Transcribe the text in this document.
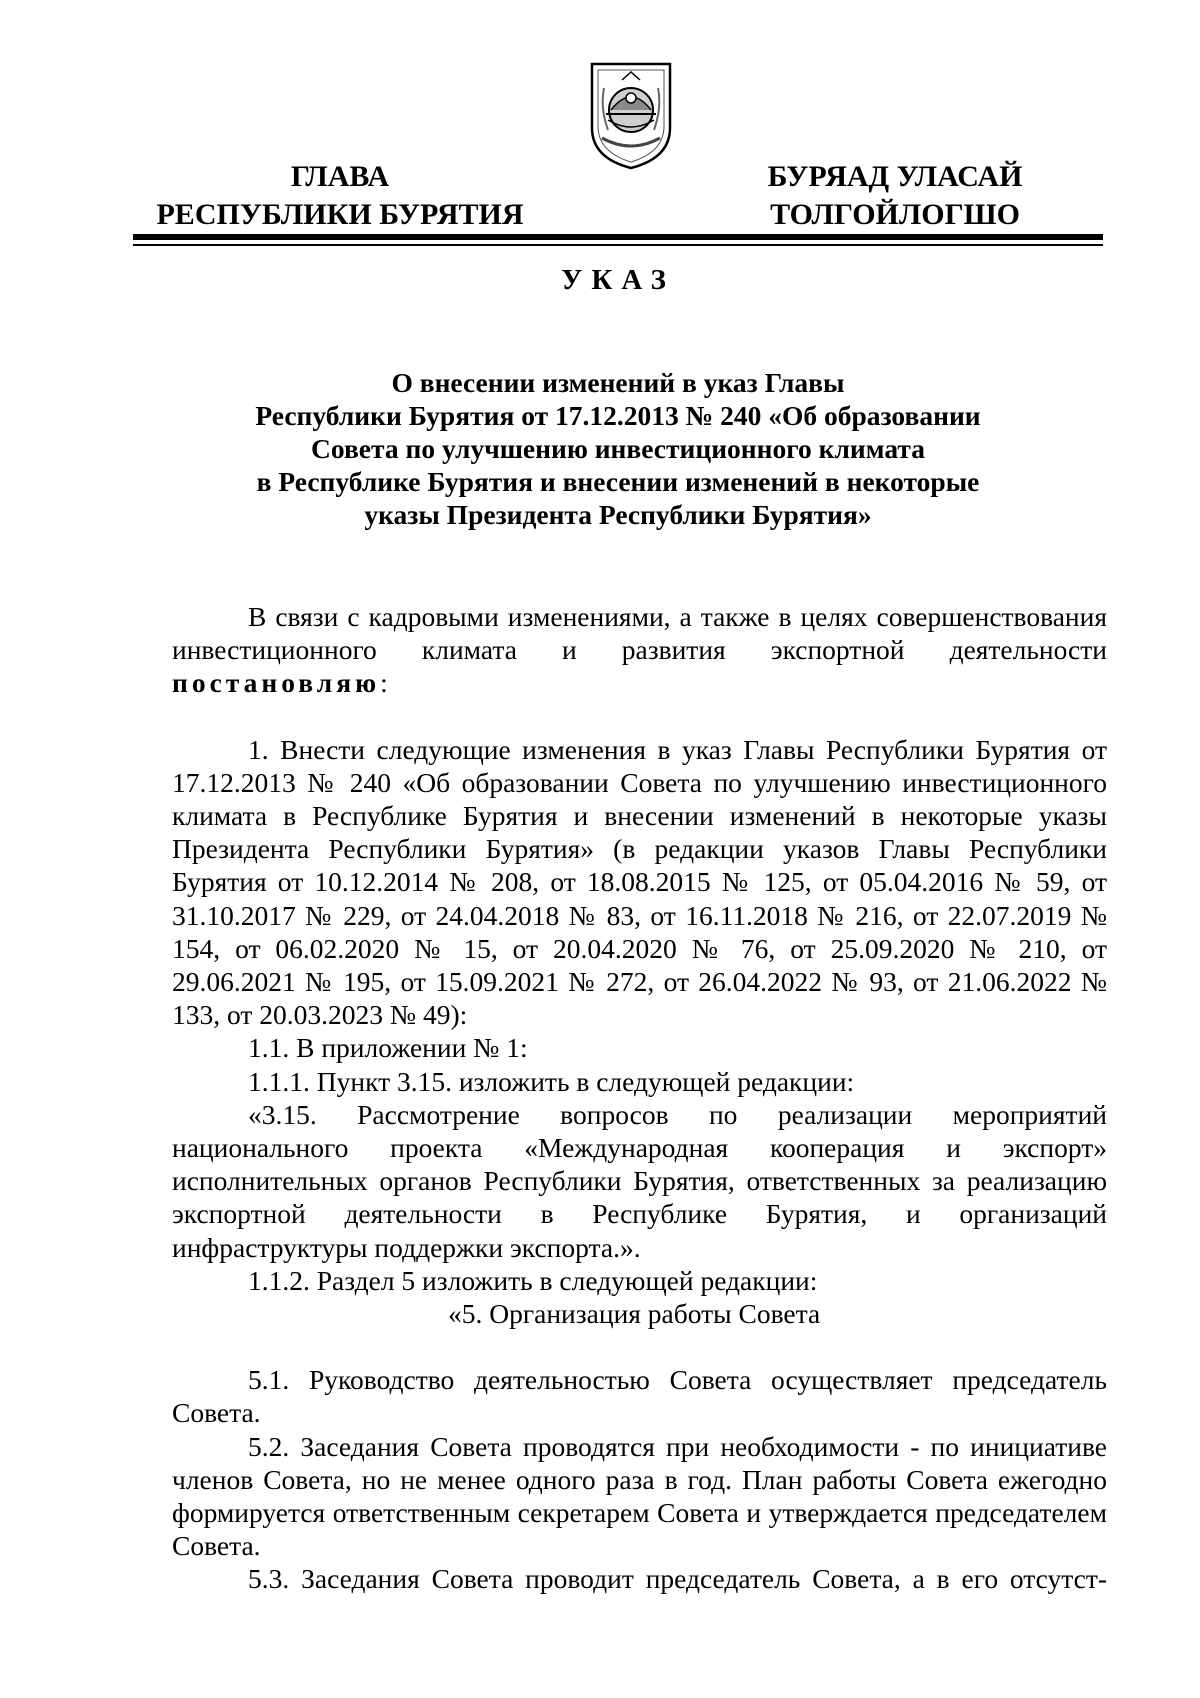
ГЛАВА
РЕСПУБЛИКИ БУРЯТИЯ
БУРЯАД УЛАСАЙ
ТОЛГОЙЛОГШО
УКАЗ
О внесении изменений в указ Главы
Республики Бурятия от 17.12.2013 № 240 «Об образовании
Совета по улучшению инвестиционного климата
в Республике Бурятия и внесении изменений в некоторые
указы Президента Республики Бурятия»

В связи с кадровыми изменениями, а также в целях совершенствования инвестиционного климата и развития экспортной деятельности постановляю:

1. Внести следующие изменения в указ Главы Республики Бурятия от 17.12.2013 № 240 «Об образовании Совета по улучшению инвестиционного климата в Республике Бурятия и внесении изменений в некоторые указы Президента Республики Бурятия» (в редакции указов Главы Республики Бурятия от 10.12.2014 № 208, от 18.08.2015 № 125, от 05.04.2016 № 59, от 31.10.2017 № 229, от 24.04.2018 № 83, от 16.11.2018 № 216, от 22.07.2019 № 154, от 06.02.2020 № 15, от 20.04.2020 № 76, от 25.09.2020 № 210, от 29.06.2021 № 195, от 15.09.2021 № 272, от 26.04.2022 № 93, от 21.06.2022 № 133, от 20.03.2023 № 49):

1.1. В приложении № 1:

1.1.1. Пункт 3.15. изложить в следующей редакции:

«3.15. Рассмотрение вопросов по реализации мероприятий национального проекта «Международная кооперация и экспорт» исполнительных органов Республики Бурятия, ответственных за реализацию экспортной деятельности в Республике Бурятия, и организаций инфраструктуры поддержки экспорта.».

1.1.2. Раздел 5 изложить в следующей редакции:

«5. Организация работы Совета

5.1. Руководство деятельностью Совета осуществляет председатель Совета.

5.2. Заседания Совета проводятся при необходимости - по инициативе членов Совета, но не менее одного раза в год. План работы Совета ежегодно формируется ответственным секретарем Совета и утверждается председателем Совета.

5.3. Заседания Совета проводит председатель Совета, а в его отсутст-
